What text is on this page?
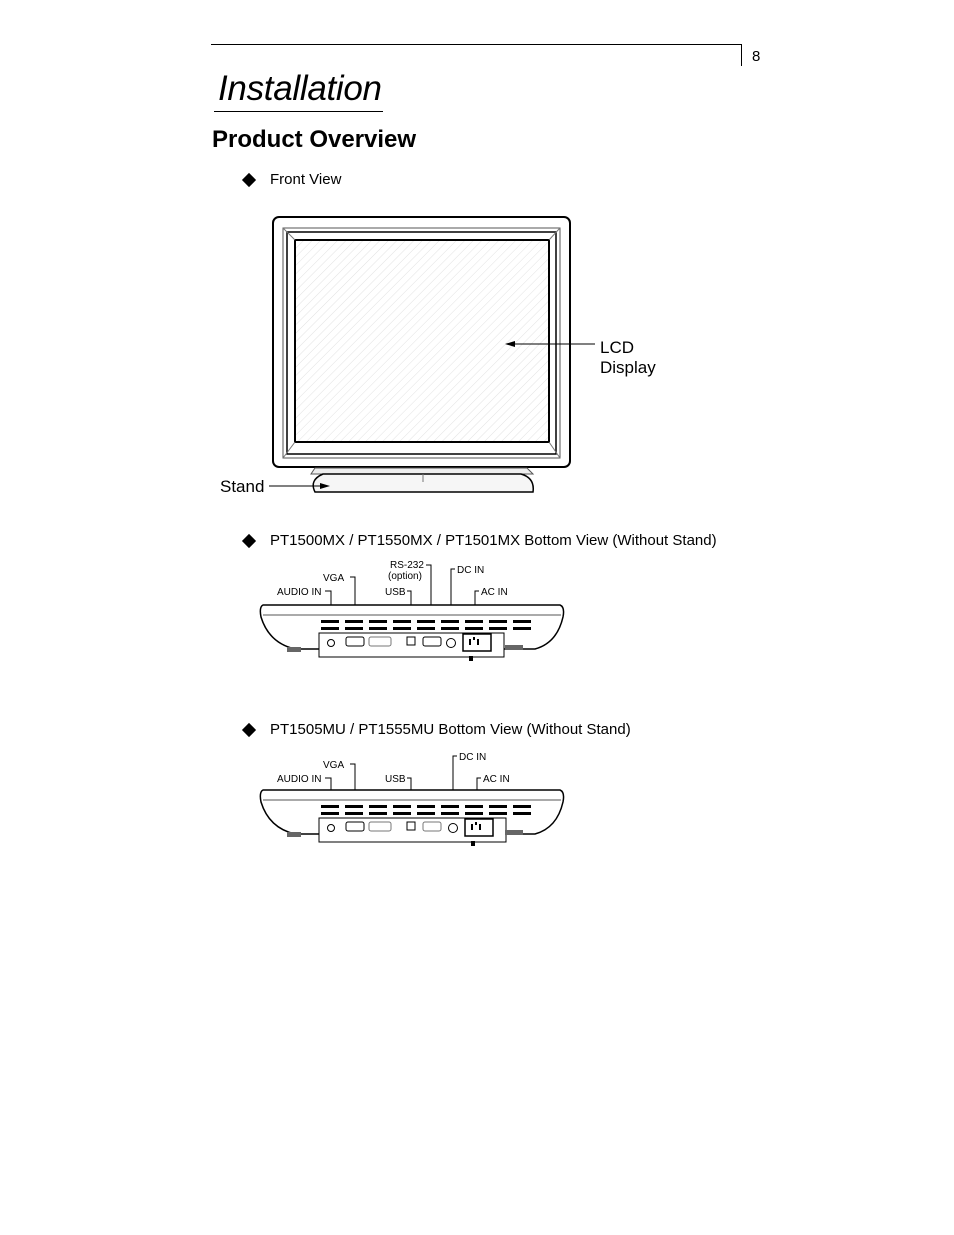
8
Installation
Product Overview
Front View
LCD
Display
Stand
PT1500MX / PT1550MX / PT1501MX Bottom View (Without Stand)
AUDIO IN
VGA
RS-232
(option)
USB
DC IN
AC IN
PT1505MU / PT1555MU Bottom View (Without Stand)
AUDIO IN
VGA
USB
DC IN
AC IN
